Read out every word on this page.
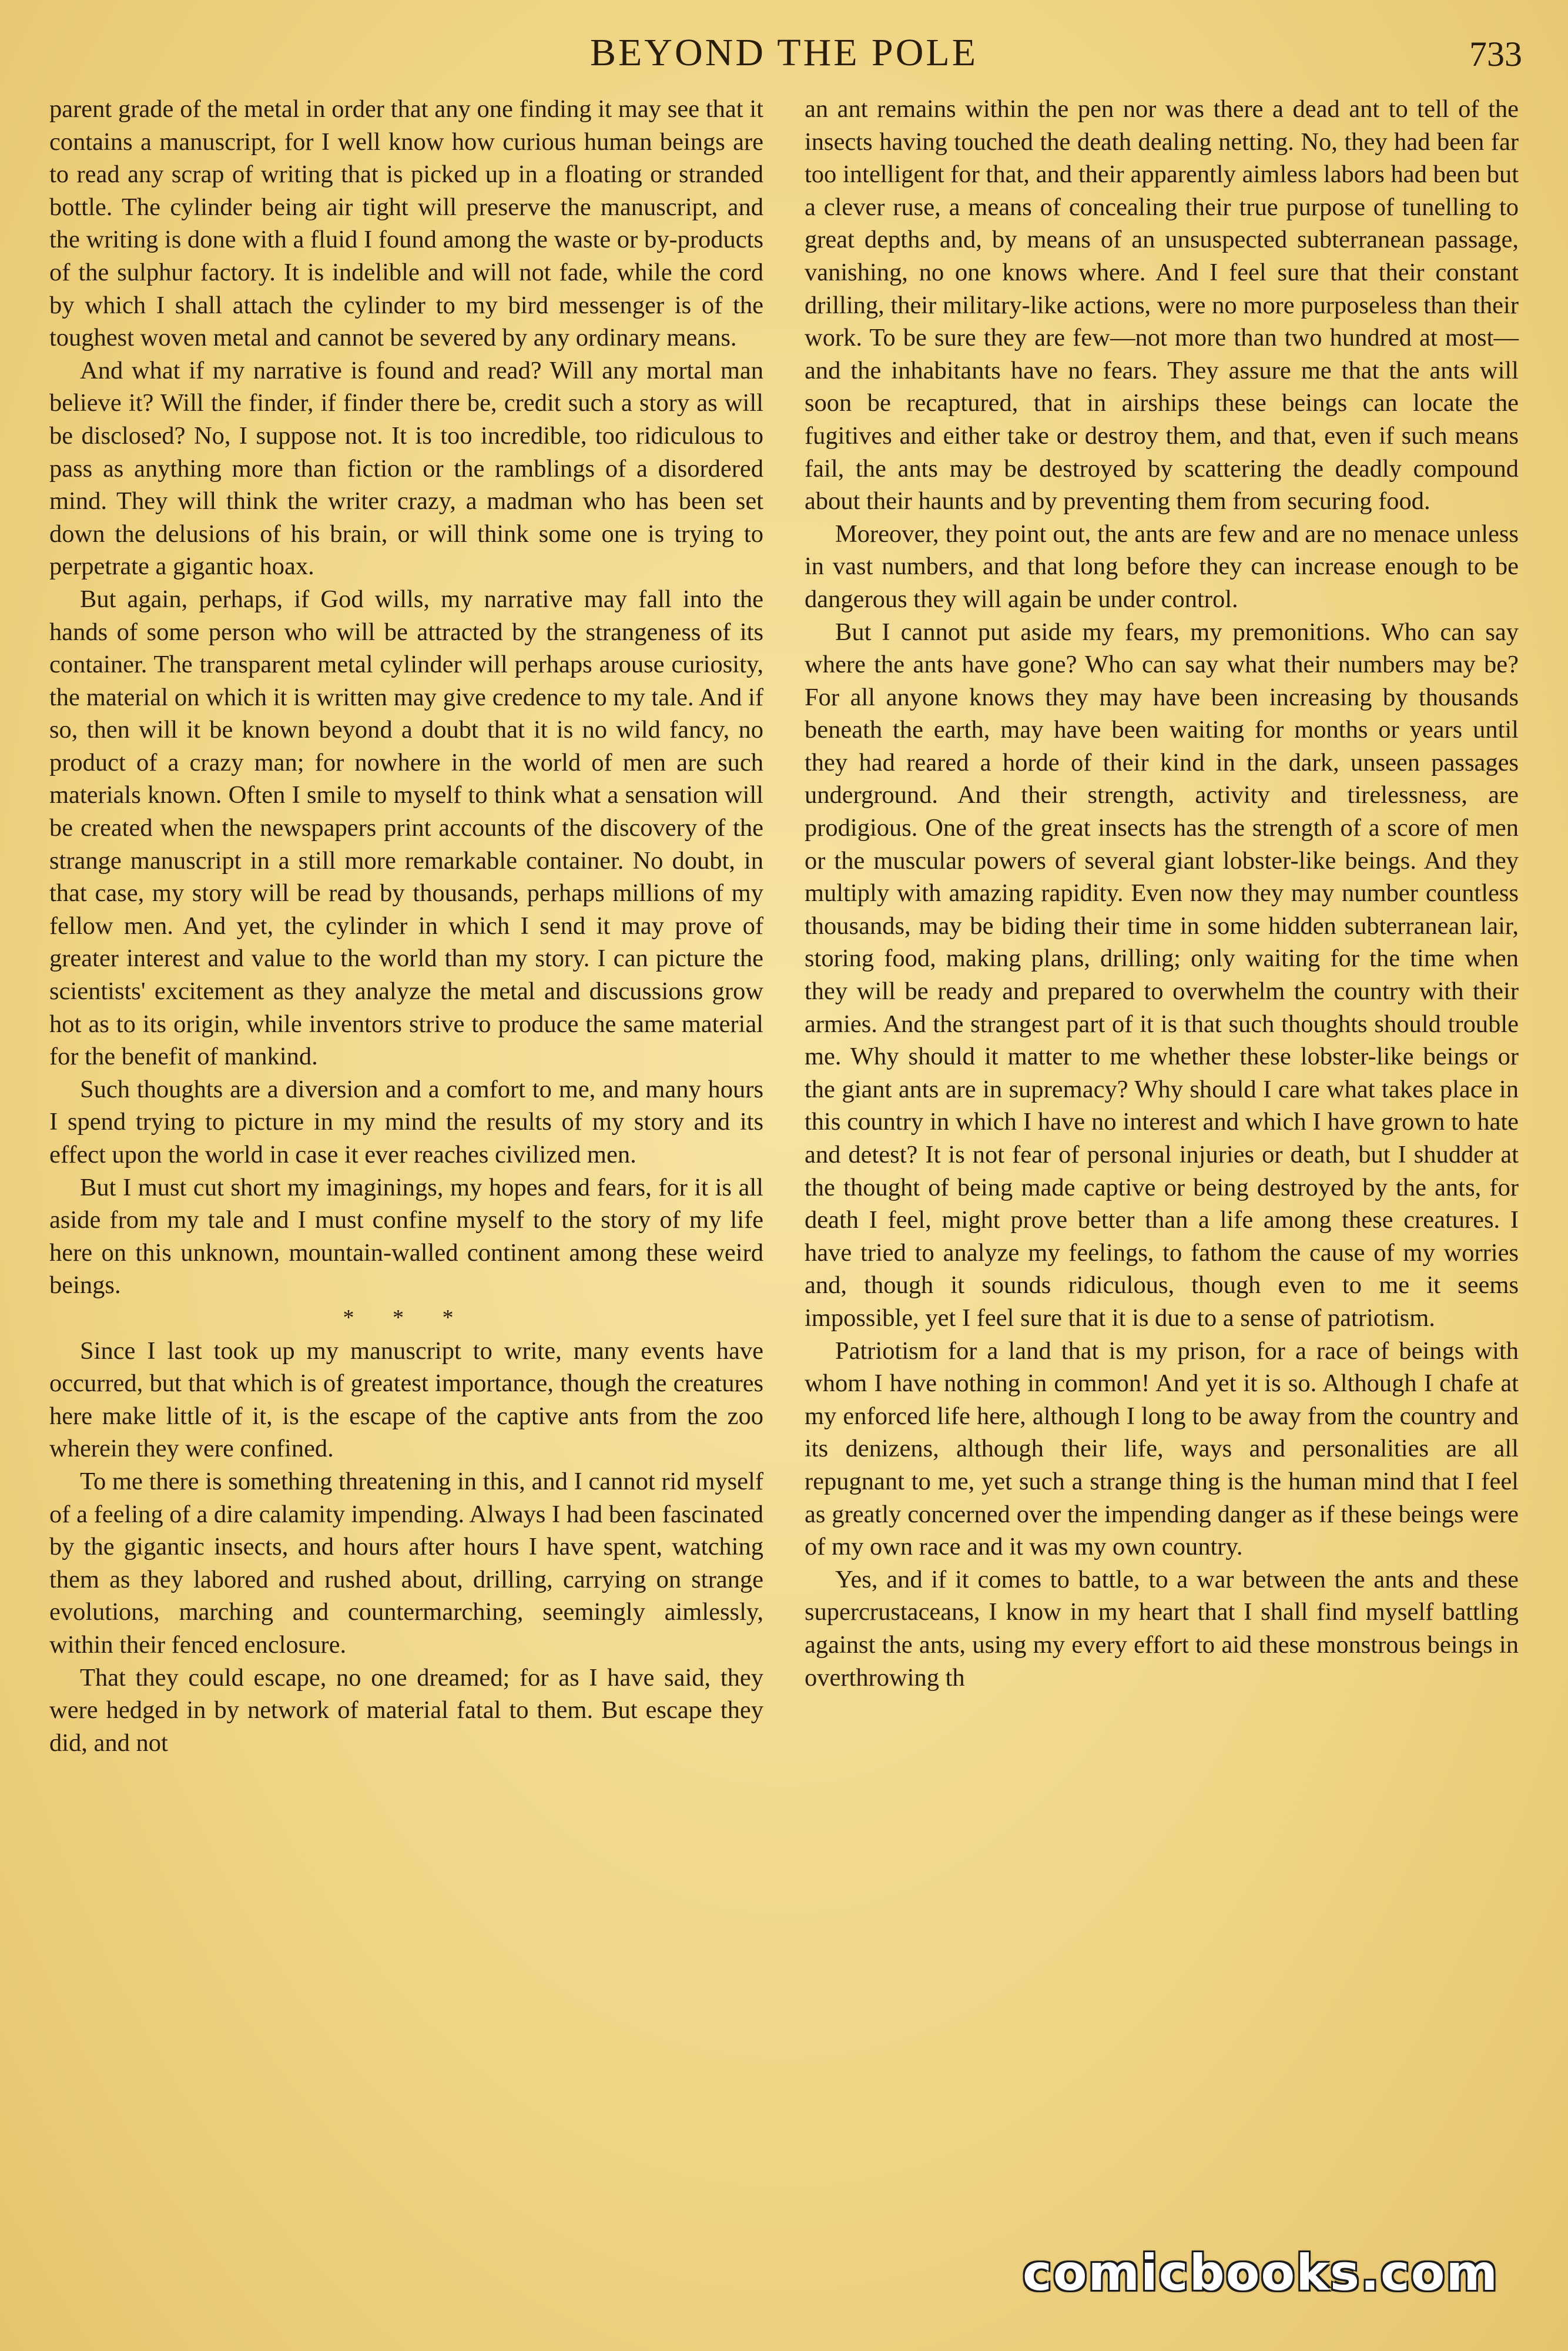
BEYOND THE POLE	733

parent grade of the metal in order that any one finding it may see that it contains a manuscript, for I well know how curious human beings are to read any scrap of writing that is picked up in a floating or stranded bottle. The cylinder being air tight will preserve the manuscript, and the writing is done with a fluid I found among the waste or by-products of the sulphur factory. It is indelible and will not fade, while the cord by which I shall attach the cylinder to my bird messenger is of the toughest woven metal and cannot be severed by any ordinary means.

And what if my narrative is found and read? Will any mortal man believe it? Will the finder, if finder there be, credit such a story as will be disclosed? No, I suppose not. It is too incredible, too ridiculous to pass as anything more than fiction or the ramblings of a disordered mind. They will think the writer crazy, a madman who has been set down the delusions of his brain, or will think some one is trying to perpetrate a gigantic hoax.

But again, perhaps, if God wills, my narrative may fall into the hands of some person who will be attracted by the strangeness of its container. The transparent metal cylinder will perhaps arouse curiosity, the material on which it is written may give credence to my tale. And if so, then will it be known beyond a doubt that it is no wild fancy, no product of a crazy man; for nowhere in the world of men are such materials known. Often I smile to myself to think what a sensation will be created when the newspapers print accounts of the discovery of the strange manuscript in a still more remarkable container. No doubt, in that case, my story will be read by thousands, perhaps millions of my fellow men. And yet, the cylinder in which I send it may prove of greater interest and value to the world than my story. I can picture the scientists' excitement as they analyze the metal and discussions grow hot as to its origin, while inventors strive to produce the same material for the benefit of mankind.

Such thoughts are a diversion and a comfort to me, and many hours I spend trying to picture in my mind the results of my story and its effect upon the world in case it ever reaches civilized men.

But I must cut short my imaginings, my hopes and fears, for it is all aside from my tale and I must confine myself to the story of my life here on this unknown, mountain-walled continent among these weird beings.

* * *

Since I last took up my manuscript to write, many events have occurred, but that which is of greatest importance, though the creatures here make little of it, is the escape of the captive ants from the zoo wherein they were confined.

To me there is something threatening in this, and I cannot rid myself of a feeling of a dire calamity impending. Always I had been fascinated by the gigantic insects, and hours after hours I have spent, watching them as they labored and rushed about, drilling, carrying on strange evolutions, marching and countermarching, seemingly aimlessly, within their fenced enclosure.

That they could escape, no one dreamed; for as I have said, they were hedged in by network of material fatal to them. But escape they did, and not

an ant remains within the pen nor was there a dead ant to tell of the insects having touched the death dealing netting. No, they had been far too intelligent for that, and their apparently aimless labors had been but a clever ruse, a means of concealing their true purpose of tunelling to great depths and, by means of an unsuspected subterranean passage, vanishing, no one knows where. And I feel sure that their constant drilling, their military-like actions, were no more purposeless than their work. To be sure they are few—not more than two hundred at most—and the inhabitants have no fears. They assure me that the ants will soon be recaptured, that in airships these beings can locate the fugitives and either take or destroy them, and that, even if such means fail, the ants may be destroyed by scattering the deadly compound about their haunts and by preventing them from securing food.

Moreover, they point out, the ants are few and are no menace unless in vast numbers, and that long before they can increase enough to be dangerous they will again be under control.

But I cannot put aside my fears, my premonitions. Who can say where the ants have gone? Who can say what their numbers may be? For all anyone knows they may have been increasing by thousands beneath the earth, may have been waiting for months or years until they had reared a horde of their kind in the dark, unseen passages underground. And their strength, activity and tirelessness, are prodigious. One of the great insects has the strength of a score of men or the muscular powers of several giant lobster-like beings. And they multiply with amazing rapidity. Even now they may number countless thousands, may be biding their time in some hidden subterranean lair, storing food, making plans, drilling; only waiting for the time when they will be ready and prepared to overwhelm the country with their armies. And the strangest part of it is that such thoughts should trouble me. Why should it matter to me whether these lobster-like beings or the giant ants are in supremacy? Why should I care what takes place in this country in which I have no interest and which I have grown to hate and detest? It is not fear of personal injuries or death, but I shudder at the thought of being made captive or being destroyed by the ants, for death I feel, might prove better than a life among these creatures. I have tried to analyze my feelings, to fathom the cause of my worries and, though it sounds ridiculous, though even to me it seems impossible, yet I feel sure that it is due to a sense of patriotism.

Patriotism for a land that is my prison, for a race of beings with whom I have nothing in common! And yet it is so. Although I chafe at my enforced life here, although I long to be away from the country and its denizens, although their life, ways and personalities are all repugnant to me, yet such a strange thing is the human mind that I feel as greatly concerned over the impending danger as if these beings were of my own race and it was my own country.

Yes, and if it comes to battle, to a war between the ants and these supercrustaceans, I know in my heart that I shall find myself battling against the ants, using my every effort to aid these monstrous beings in overthrowing th

comicbooks.com
